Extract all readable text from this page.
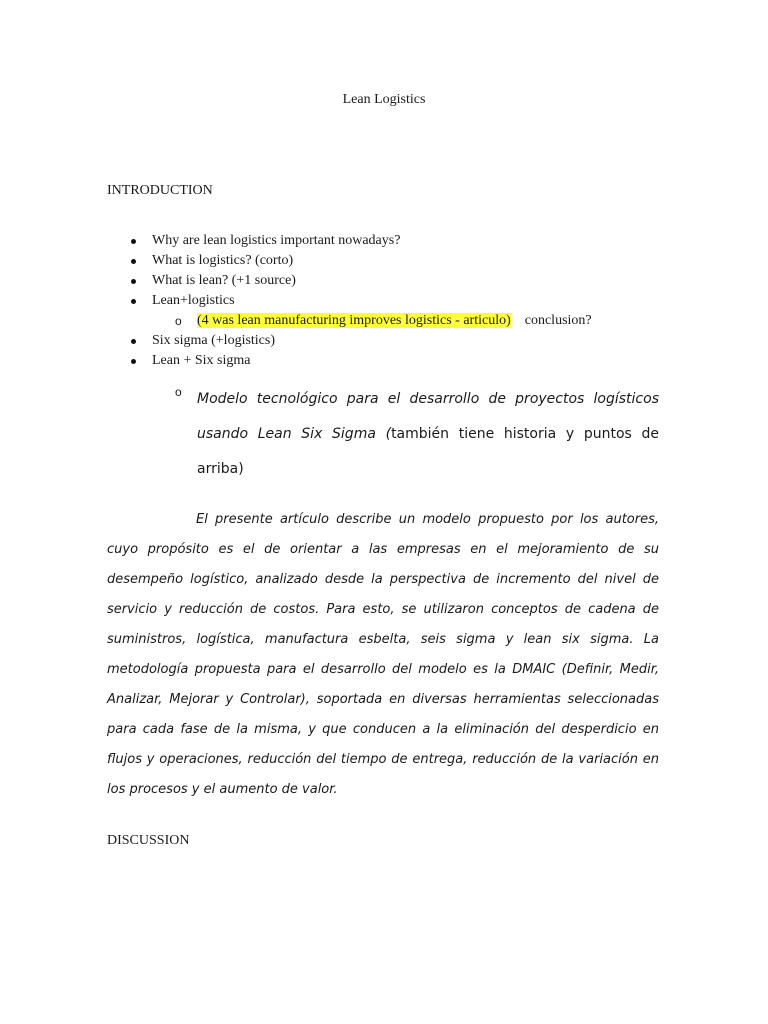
Lean Logistics
INTRODUCTION
Why are lean logistics important nowadays?
What is logistics? (corto)
What is lean? (+1 source)
Lean+logistics
o (4 was lean manufacturing improves logistics - articulo) conclusion?
Six sigma (+logistics)
Lean + Six sigma
o Modelo tecnológico para el desarrollo de proyectos logísticos usando Lean Six Sigma (también tiene historia y puntos de arriba)

El presente artículo describe un modelo propuesto por los autores, cuyo propósito es el de orientar a las empresas en el mejoramiento de su desempeño logístico, analizado desde la perspectiva de incremento del nivel de servicio y reducción de costos. Para esto, se utilizaron conceptos de cadena de suministros, logística, manufactura esbelta, seis sigma y lean six sigma. La metodología propuesta para el desarrollo del modelo es la DMAIC (Definir, Medir, Analizar, Mejorar y Controlar), soportada en diversas herramientas seleccionadas para cada fase de la misma, y que conducen a la eliminación del desperdicio en flujos y operaciones, reducción del tiempo de entrega, reducción de la variación en los procesos y el aumento de valor.

DISCUSSION
